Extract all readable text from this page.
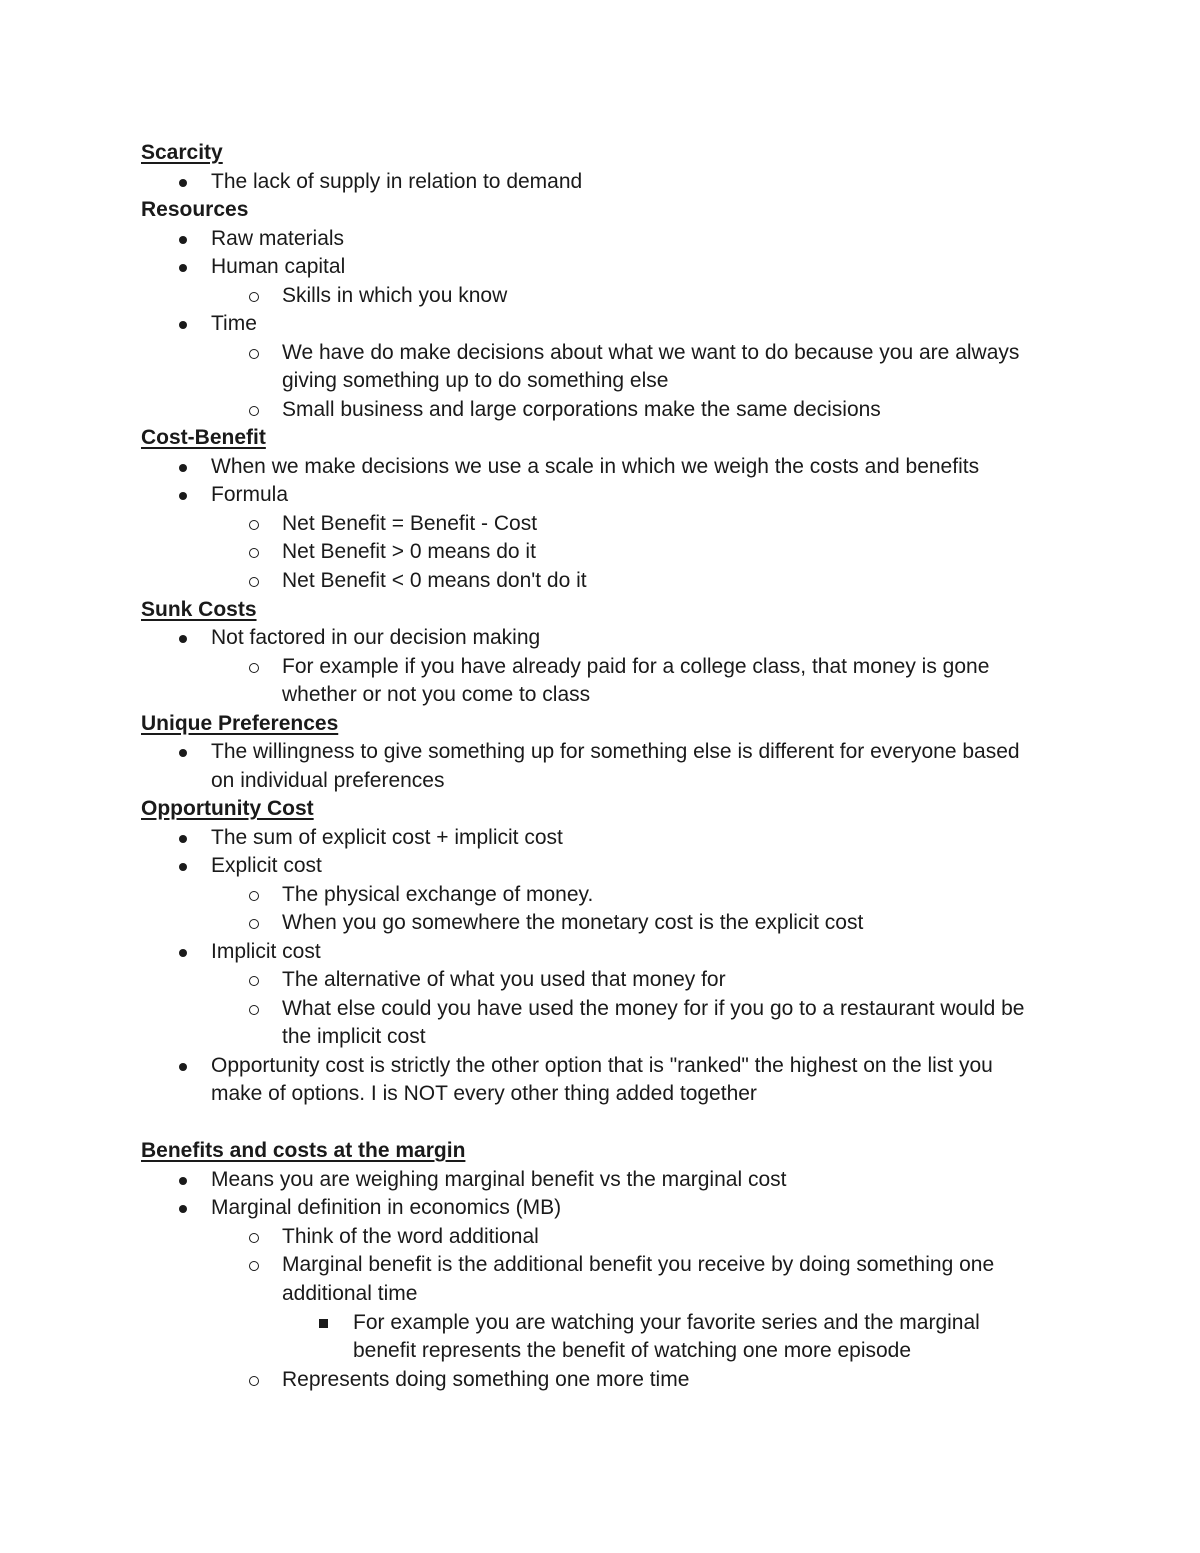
Scarcity
The lack of supply in relation to demand
Resources
Raw materials
Human capital
Skills in which you know
Time
We have do make decisions about what we want to do because you are always
giving something up to do something else
Small business and large corporations make the same decisions
Cost-Benefit
When we make decisions we use a scale in which we weigh the costs and benefits
Formula
Net Benefit = Benefit - Cost
Net Benefit > 0 means do it
Net Benefit < 0 means don't do it
Sunk Costs
Not factored in our decision making
For example if you have already paid for a college class, that money is gone
whether or not you come to class
Unique Preferences
The willingness to give something up for something else is different for everyone based
on individual preferences
Opportunity Cost
The sum of explicit cost + implicit cost
Explicit cost
The physical exchange of money.
When you go somewhere the monetary cost is the explicit cost
Implicit cost
The alternative of what you used that money for
What else could you have used the money for if you go to a restaurant would be
the implicit cost
Opportunity cost is strictly the other option that is "ranked" the highest on the list you
make of options. I is NOT every other thing added together
Benefits and costs at the margin
Means you are weighing marginal benefit vs the marginal cost
Marginal definition in economics (MB)
Think of the word additional
Marginal benefit is the additional benefit you receive by doing something one
additional time
For example you are watching your favorite series and the marginal
benefit represents the benefit of watching one more episode
Represents doing something one more time
